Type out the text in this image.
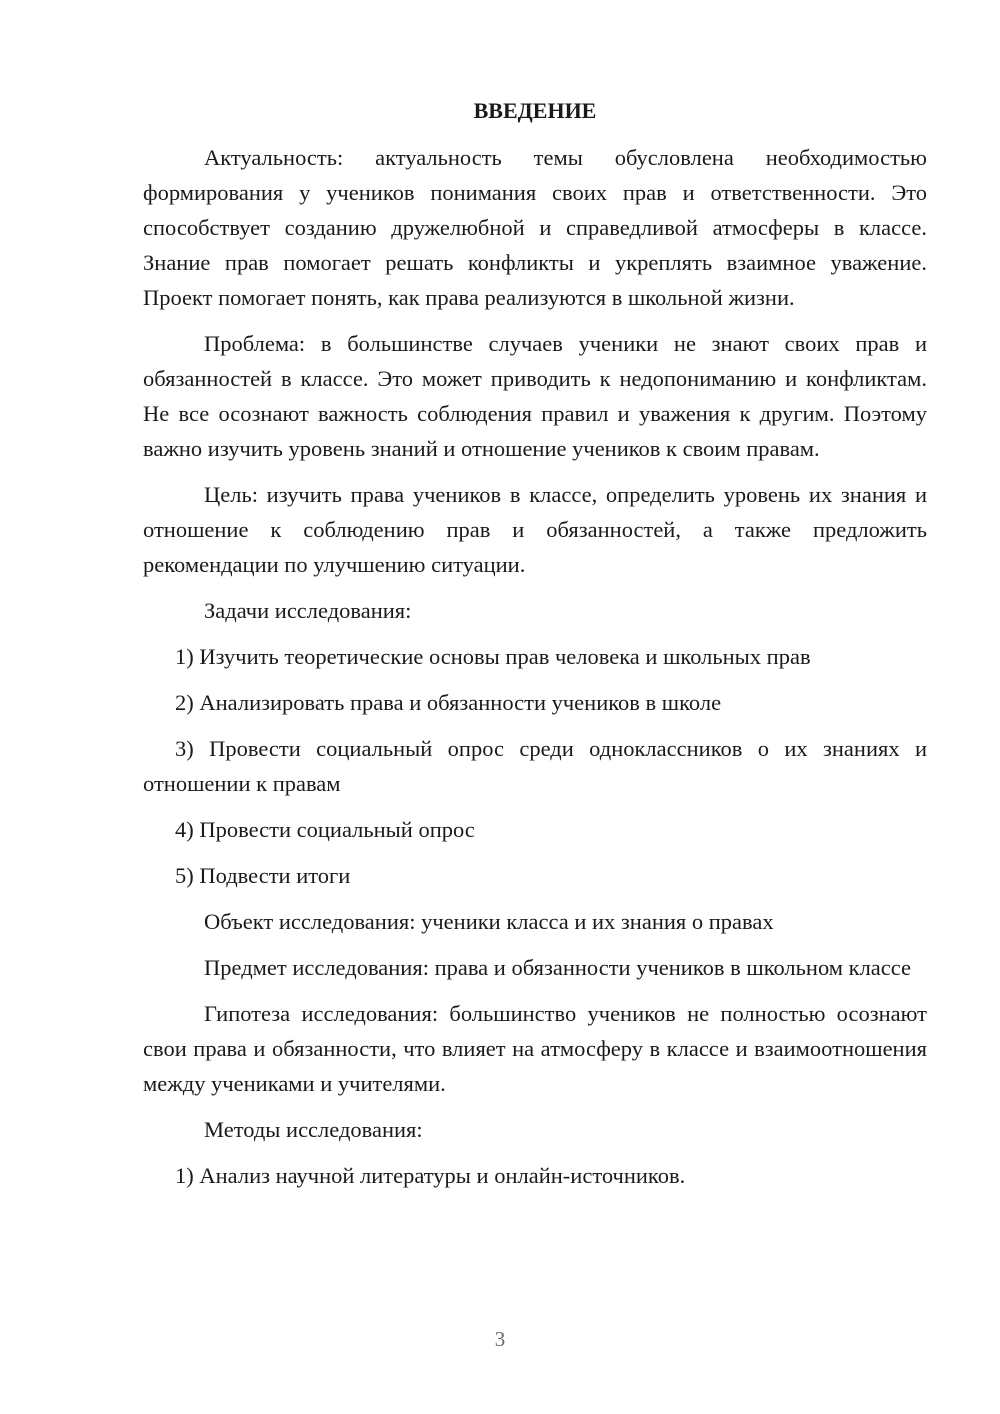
ВВЕДЕНИЕ

Актуальность: актуальность темы обусловлена необходимостью формирования у учеников понимания своих прав и ответственности. Это способствует созданию дружелюбной и справедливой атмосферы в классе. Знание прав помогает решать конфликты и укреплять взаимное уважение. Проект помогает понять, как права реализуются в школьной жизни.

Проблема: в большинстве случаев ученики не знают своих прав и обязанностей в классе. Это может приводить к недопониманию и конфликтам. Не все осознают важность соблюдения правил и уважения к другим. Поэтому важно изучить уровень знаний и отношение учеников к своим правам.

Цель: изучить права учеников в классе, определить уровень их знания и отношение к соблюдению прав и обязанностей, а также предложить рекомендации по улучшению ситуации.

Задачи исследования:

1) Изучить теоретические основы прав человека и школьных прав

2) Анализировать права и обязанности учеников в школе

3) Провести социальный опрос среди одноклассников о их знаниях и отношении к правам

4) Провести социальный опрос

5) Подвести итоги

Объект исследования: ученики класса и их знания о правах

Предмет исследования: права и обязанности учеников в школьном классе

Гипотеза исследования: большинство учеников не полностью осознают свои права и обязанности, что влияет на атмосферу в классе и взаимоотношения между учениками и учителями.

Методы исследования:

1) Анализ научной литературы и онлайн-источников.

3
